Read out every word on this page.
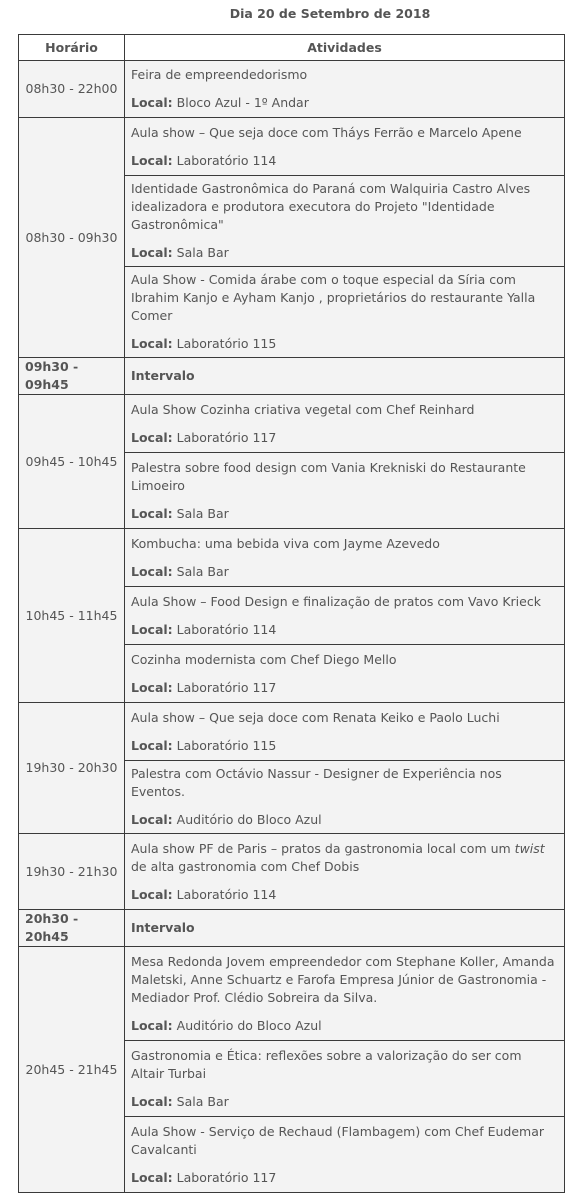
Dia 20 de Setembro de 2018
Horário	Atividades
08h30 - 22h00	Feira de empreendedorismo
Local: Bloco Azul - 1º Andar

08h30 - 09h30	Aula show – Que seja doce com Tháys Ferrão e Marcelo Apene
Local: Laboratório 114

	Identidade Gastronômica do Paraná com Walquiria Castro Alves idealizadora e produtora executora do Projeto "Identidade Gastronômica"
Local: Sala Bar

	Aula Show - Comida árabe com o toque especial da Síria com Ibrahim Kanjo e Ayham Kanjo , proprietários do restaurante Yalla Comer
Local: Laboratório 115

09h30 - 09h45	Intervalo
09h45 - 10h45	Aula Show Cozinha criativa vegetal com Chef Reinhard
Local: Laboratório 117

	Palestra sobre food design com Vania Krekniski do Restaurante Limoeiro
Local: Sala Bar

10h45 - 11h45	Kombucha: uma bebida viva com Jayme Azevedo
Local: Sala Bar

	Aula Show – Food Design e finalização de pratos com Vavo Krieck
Local: Laboratório 114

	Cozinha modernista com Chef Diego Mello
Local: Laboratório 117

19h30 - 20h30	Aula show – Que seja doce com Renata Keiko e Paolo Luchi
Local: Laboratório 115

	Palestra com Octávio Nassur - Designer de Experiência nos Eventos.
Local: Auditório do Bloco Azul

19h30 - 21h30	Aula show PF de Paris – pratos da gastronomia local com um twist de alta gastronomia com Chef Dobis
Local: Laboratório 114

20h30 - 20h45	Intervalo
20h45 - 21h45	Mesa Redonda Jovem empreendedor com Stephane Koller, Amanda Maletski, Anne Schuartz e Farofa Empresa Júnior de Gastronomia - Mediador Prof. Clédio Sobreira da Silva.
Local: Auditório do Bloco Azul

	Gastronomia e Ética: reflexões sobre a valorização do ser com Altair Turbai
Local: Sala Bar

	Aula Show - Serviço de Rechaud (Flambagem) com Chef Eudemar Cavalcanti
Local: Laboratório 117
